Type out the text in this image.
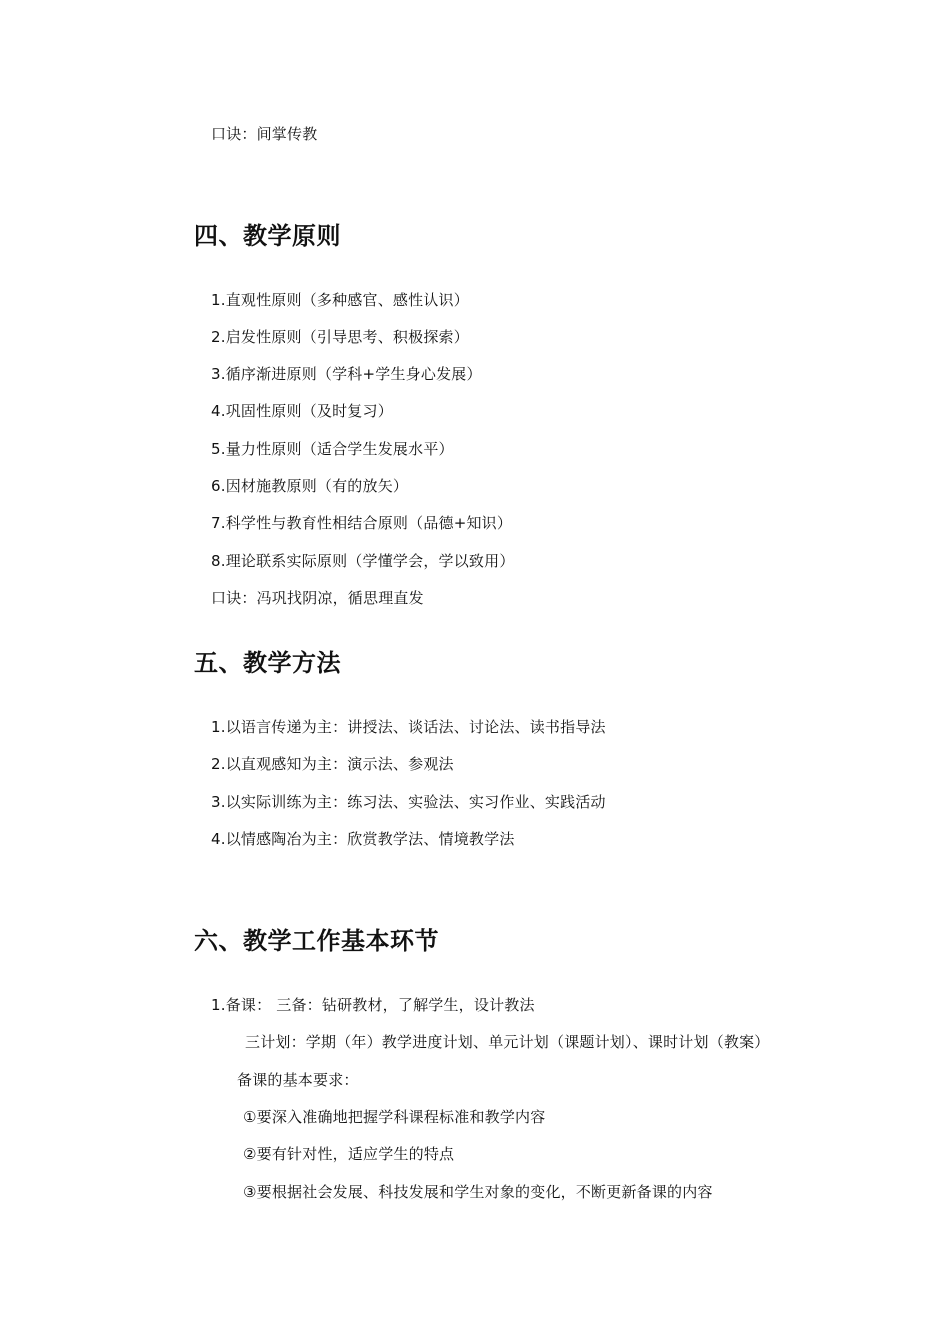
口诀：间掌传教
四、教学原则
1.直观性原则（多种感官、感性认识）
2.启发性原则（引导思考、积极探索）
3.循序渐进原则（学科+学生身心发展）
4.巩固性原则（及时复习）
5.量力性原则（适合学生发展水平）
6.因材施教原则（有的放矢）
7.科学性与教育性相结合原则（品德+知识）
8.理论联系实际原则（学懂学会，学以致用）
口诀：冯巩找阴凉，循思理直发
五、教学方法
1.以语言传递为主：讲授法、谈话法、讨论法、读书指导法
2.以直观感知为主：演示法、参观法
3.以实际训练为主：练习法、实验法、实习作业、实践活动
4.以情感陶冶为主：欣赏教学法、情境教学法
六、教学工作基本环节
1.备课： 三备：钻研教材，了解学生，设计教法
三计划：学期（年）教学进度计划、单元计划（课题计划）、课时计划（教案）
备课的基本要求：
①要深入准确地把握学科课程标准和教学内容
②要有针对性，适应学生的特点
③要根据社会发展、科技发展和学生对象的变化，不断更新备课的内容
